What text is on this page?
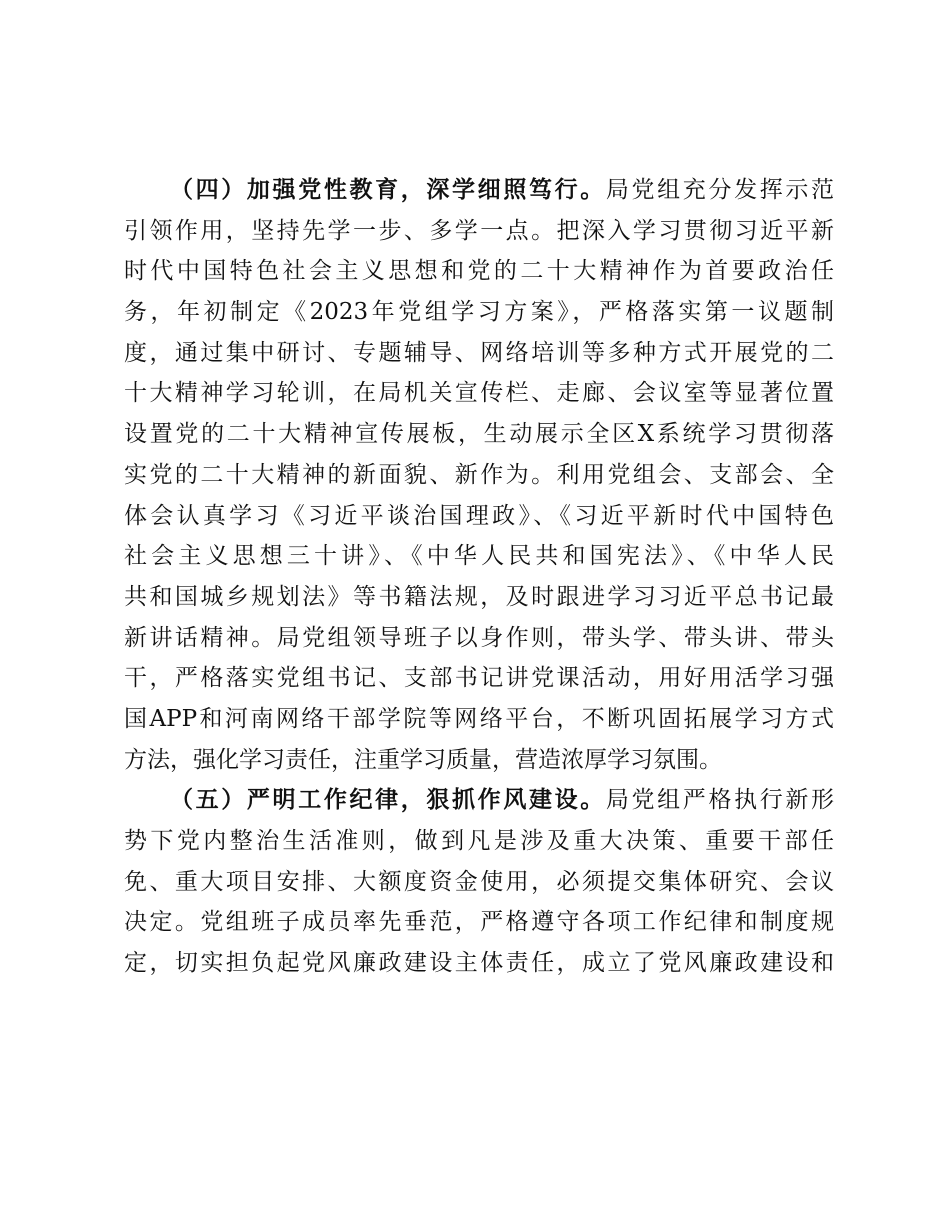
（四）加强党性教育，深学细照笃行。局党组充分发挥示范
引领作用，坚持先学一步、多学一点。把深入学习贯彻习近平新
时代中国特色社会主义思想和党的二十大精神作为首要政治任
务，年初制定《2023年党组学习方案》，严格落实第一议题制
度，通过集中研讨、专题辅导、网络培训等多种方式开展党的二
十大精神学习轮训，在局机关宣传栏、走廊、会议室等显著位置
设置党的二十大精神宣传展板，生动展示全区X系统学习贯彻落
实党的二十大精神的新面貌、新作为。利用党组会、支部会、全
体会认真学习《习近平谈治国理政》、《习近平新时代中国特色
社会主义思想三十讲》、《中华人民共和国宪法》、《中华人民
共和国城乡规划法》等书籍法规，及时跟进学习习近平总书记最
新讲话精神。局党组领导班子以身作则，带头学、带头讲、带头
干，严格落实党组书记、支部书记讲党课活动，用好用活学习强
国APP和河南网络干部学院等网络平台，不断巩固拓展学习方式
方法，强化学习责任，注重学习质量，营造浓厚学习氛围。
（五）严明工作纪律，狠抓作风建设。局党组严格执行新形
势下党内整治生活准则，做到凡是涉及重大决策、重要干部任
免、重大项目安排、大额度资金使用，必须提交集体研究、会议
决定。党组班子成员率先垂范，严格遵守各项工作纪律和制度规
定，切实担负起党风廉政建设主体责任，成立了党风廉政建设和
